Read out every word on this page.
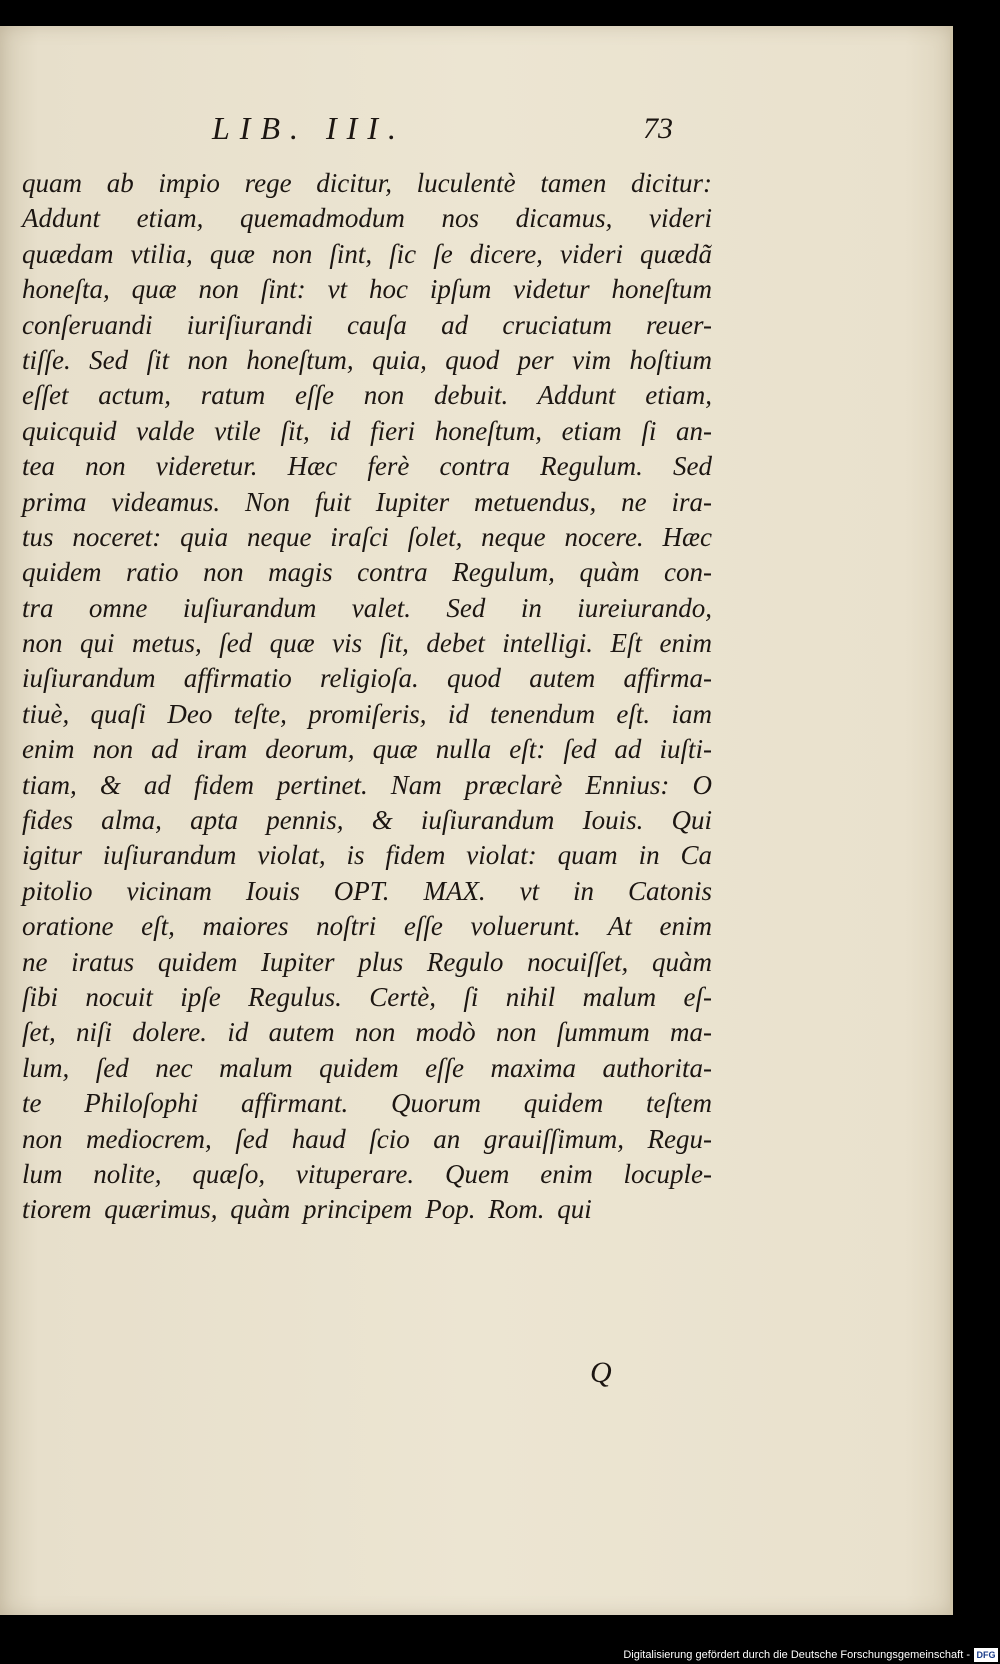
LIB. III.	73
quam ab impio rege dicitur, luculentè tamen dicitur:
Addunt etiam, quemadmodum nos dicamus, videri
quædam vtilia, quæ non ſint, ſic ſe dicere, videri quædã
honeſta, quæ non ſint: vt hoc ipſum videtur honeſtum
conſeruandi iuriſiurandi cauſa ad cruciatum reuer-
tiſſe. Sed ſit non honeſtum, quia, quod per vim hoſtium
eſſet actum, ratum eſſe non debuit. Addunt etiam,
quicquid valde vtile ſit, id fieri honeſtum, etiam ſi an-
tea non videretur. Hæc ferè contra Regulum. Sed
prima videamus. Non fuit Iupiter metuendus, ne ira-
tus noceret: quia neque iraſci ſolet, neque nocere. Hæc
quidem ratio non magis contra Regulum, quàm con-
tra omne iuſiurandum valet. Sed in iureiurando,
non qui metus, ſed quæ vis ſit, debet intelligi. Eſt enim
iuſiurandum affirmatio religioſa. quod autem affirma-
tiuè, quaſi Deo teſte, promiſeris, id tenendum eſt. iam
enim non ad iram deorum, quæ nulla eſt: ſed ad iuſti-
tiam, & ad fidem pertinet. Nam præclarè Ennius: O
fides alma, apta pennis, & iuſiurandum Iouis. Qui
igitur iuſiurandum violat, is fidem violat: quam in Ca
pitolio vicinam Iouis OPT. MAX. vt in Catonis
oratione eſt, maiores noſtri eſſe voluerunt. At enim
ne iratus quidem Iupiter plus Regulo nocuiſſet, quàm
ſibi nocuit ipſe Regulus. Certè, ſi nihil malum eſ-
ſet, niſi dolere. id autem non modò non ſummum ma-
lum, ſed nec malum quidem eſſe maxima authorita-
te Philoſophi affirmant. Quorum quidem teſtem
non mediocrem, ſed haud ſcio an grauiſſimum, Regu-
lum nolite, quæſo, vituperare. Quem enim locuple-
tiorem quærimus, quàm principem Pop. Rom. qui
Q
Digitalisierung gefördert durch die Deutsche Forschungsgemeinschaft - DFG
